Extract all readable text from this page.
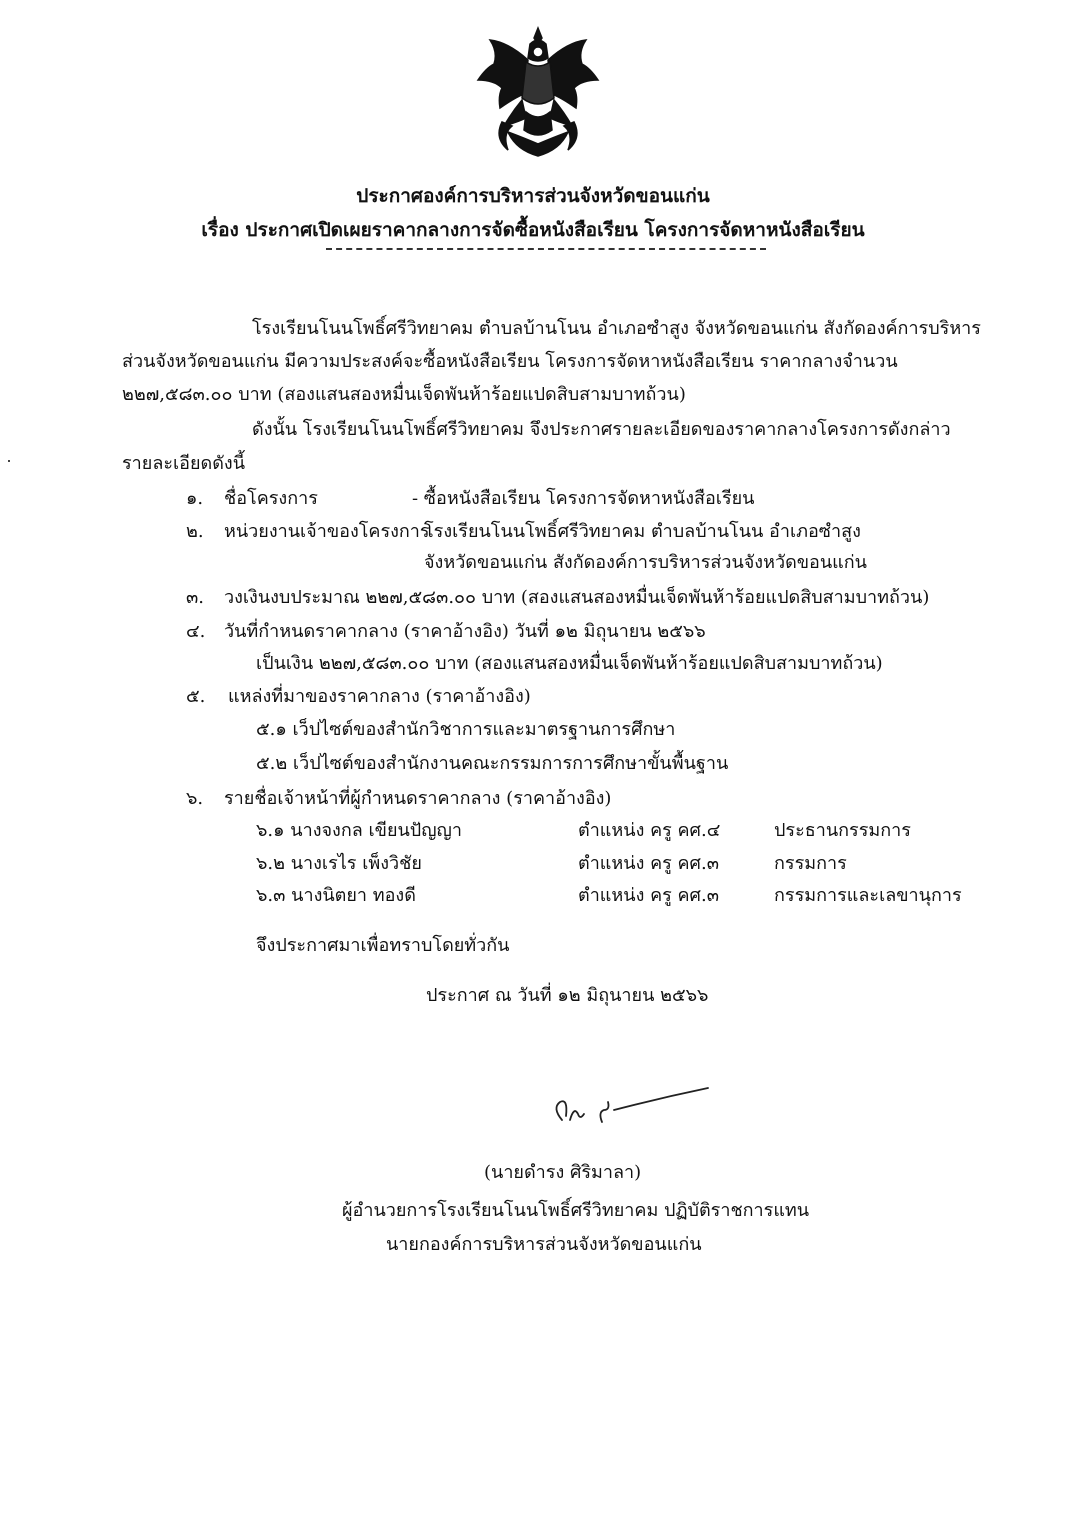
ประกาศองค์การบริหารส่วนจังหวัดขอนแก่น
เรื่อง ประกาศเปิดเผยราคากลางการจัดซื้อหนังสือเรียน โครงการจัดหาหนังสือเรียน
โรงเรียนโนนโพธิ์ศรีวิทยาคม ตำบลบ้านโนน อำเภอซำสูง จังหวัดขอนแก่น สังกัดองค์การบริหาร
ส่วนจังหวัดขอนแก่น มีความประสงค์จะซื้อหนังสือเรียน โครงการจัดหาหนังสือเรียน ราคากลางจำนวน
๒๒๗,๕๘๓.๐๐ บาท (สองแสนสองหมื่นเจ็ดพันห้าร้อยแปดสิบสามบาทถ้วน)
ดังนั้น โรงเรียนโนนโพธิ์ศรีวิทยาคม จึงประกาศรายละเอียดของราคากลางโครงการดังกล่าว
รายละเอียดดังนี้
๑. ชื่อโครงการ	- ซื้อหนังสือเรียน โครงการจัดหาหนังสือเรียน
๒. หน่วยงานเจ้าของโครงการ
โรงเรียนโนนโพธิ์ศรีวิทยาคม ตำบลบ้านโนน อำเภอซำสูง
จังหวัดขอนแก่น สังกัดองค์การบริหารส่วนจังหวัดขอนแก่น
๓. วงเงินงบประมาณ ๒๒๗,๕๘๓.๐๐ บาท (สองแสนสองหมื่นเจ็ดพันห้าร้อยแปดสิบสามบาทถ้วน)
๔. วันที่กำหนดราคากลาง (ราคาอ้างอิง) วันที่ ๑๒ มิถุนายน ๒๕๖๖
เป็นเงิน ๒๒๗,๕๘๓.๐๐ บาท (สองแสนสองหมื่นเจ็ดพันห้าร้อยแปดสิบสามบาทถ้วน)
๕. แหล่งที่มาของราคากลาง (ราคาอ้างอิง)
๕.๑ เว็ปไซต์ของสำนักวิชาการและมาตรฐานการศึกษา
๕.๒ เว็ปไซต์ของสำนักงานคณะกรรมการการศึกษาขั้นพื้นฐาน
๖. รายชื่อเจ้าหน้าที่ผู้กำหนดราคากลาง (ราคาอ้างอิง)
๖.๑ นางจงกล เขียนปัญญา	ตำแหน่ง ครู คศ.๔	ประธานกรรมการ
๖.๒ นางเรไร เพ็งวิชัย	ตำแหน่ง ครู คศ.๓	กรรมการ
๖.๓ นางนิตยา ทองดี	ตำแหน่ง ครู คศ.๓	กรรมการและเลขานุการ
จึงประกาศมาเพื่อทราบโดยทั่วกัน
ประกาศ ณ วันที่ ๑๒ มิถุนายน ๒๕๖๖
(นายดำรง ศิริมาลา)
ผู้อำนวยการโรงเรียนโนนโพธิ์ศรีวิทยาคม ปฏิบัติราชการแทน
นายกองค์การบริหารส่วนจังหวัดขอนแก่น
